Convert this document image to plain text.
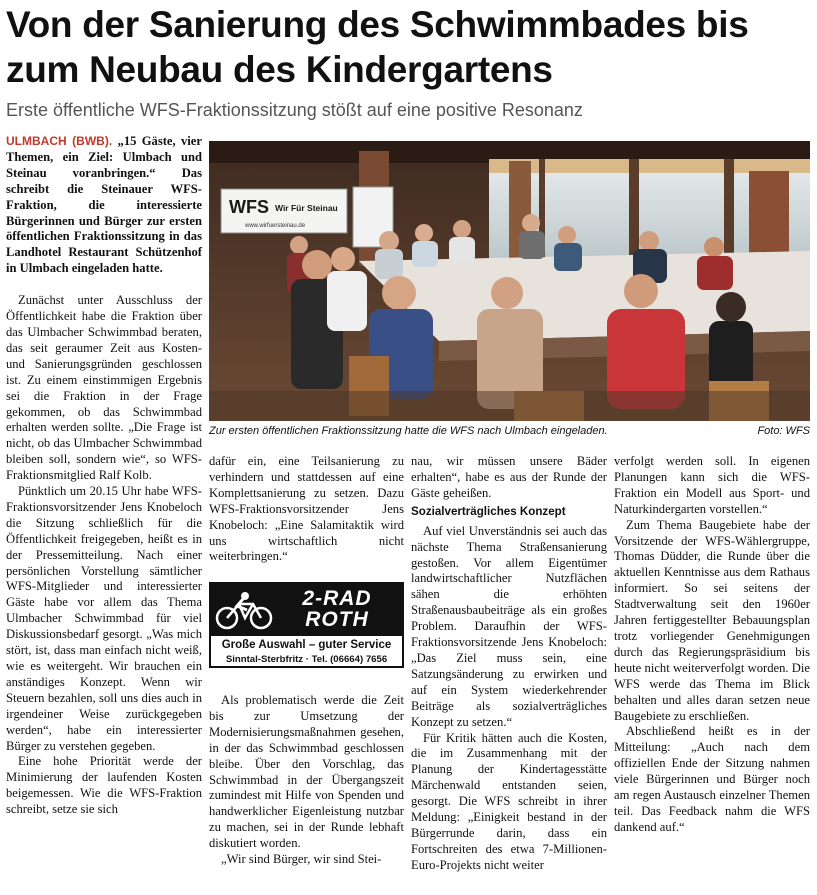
Von der Sanierung des Schwimmbades bis zum Neubau des Kindergartens
Erste öffentliche WFS-Fraktionssitzung stößt auf eine positive Resonanz

ULMBACH (BWB). „15 Gäste, vier Themen, ein Ziel: Ulmbach und Steinau voranbringen.“ Das schreibt die Steinauer WFS-Fraktion, die interessierte Bürgerinnen und Bürger zur ersten öffentlichen Fraktionssitzung in das Landhotel Restaurant Schützenhof in Ulmbach eingeladen hatte.

Zunächst unter Ausschluss der Öffentlichkeit habe die Fraktion über das Ulmbacher Schwimmbad beraten, das seit geraumer Zeit aus Kosten- und Sanierungsgründen geschlossen ist. Zu einem einstimmigen Ergebnis sei die Fraktion in der Frage gekommen, ob das Schwimmbad erhalten werden sollte. „Die Frage ist nicht, ob das Ulmbacher Schwimmbad bleiben soll, sondern wie“, so WFS-Fraktionsmitglied Ralf Kolb.

Pünktlich um 20.15 Uhr habe WFS-Fraktionsvorsitzender Jens Knobeloch die Sitzung schließlich für die Öffentlichkeit freigegeben, heißt es in der Pressemitteilung. Nach einer persönlichen Vorstellung sämtlicher WFS-Mitglieder und interessierter Gäste habe vor allem das Thema Ulmbacher Schwimmbad für viel Diskussionsbedarf gesorgt. „Was mich stört, ist, dass man einfach nicht weiß, wie es weitergeht. Wir brauchen ein anständiges Konzept. Wenn wir Steuern bezahlen, soll uns dies auch in irgendeiner Weise zurückgegeben werden“, habe ein interessierter Bürger zu verstehen gegeben.

Eine hohe Priorität werde der Minimierung der laufenden Kosten beigemessen. Wie die WFS-Fraktion schreibt, setze sie sich

WFS Wir Für Steinau
www.wirfuersteinau.de
Zur ersten öffentlichen Fraktionssitzung hatte die WFS nach Ulmbach eingeladen.	Foto: WFS

dafür ein, eine Teilsanierung zu verhindern und stattdessen auf eine Komplettsanierung zu setzen. Dazu WFS-Fraktionsvorsitzender Jens Knobeloch: „Eine Salamitaktik wird uns wirtschaftlich nicht weiterbringen.“

2-RAD
ROTH
Große Auswahl – guter Service
Sinntal-Sterbfritz · Tel. (06664) 7656

Als problematisch werde die Zeit bis zur Umsetzung der Modernisierungsmaßnahmen gesehen, in der das Schwimmbad geschlossen bleibe. Über den Vorschlag, das Schwimmbad in der Übergangszeit zumindest mit Hilfe von Spenden und handwerklicher Eigenleistung nutzbar zu machen, sei in der Runde lebhaft diskutiert worden.

„Wir sind Bürger, wir sind Stei-

nau, wir müssen unsere Bäder erhalten“, habe es aus der Runde der Gäste geheißen.

Sozialverträgliches Konzept

Auf viel Unverständnis sei auch das nächste Thema Straßensanierung gestoßen. Vor allem Eigentümer landwirtschaftlicher Nutzflächen sähen die erhöhten Straßenausbaubeiträge als ein großes Problem. Daraufhin der WFS-Fraktionsvorsitzende Jens Knobeloch: „Das Ziel muss sein, eine Satzungsänderung zu erwirken und auf ein System wiederkehrender Beiträge als sozialverträgliches Konzept zu setzen.“

Für Kritik hätten auch die Kosten, die im Zusammenhang mit der Planung der Kindertagesstätte Märchenwald entstanden seien, gesorgt. Die WFS schreibt in ihrer Meldung: „Einigkeit bestand in der Bürgerrunde darin, dass ein Fortschreiten des etwa 7-Millionen-Euro-Projekts nicht weiter

verfolgt werden soll. In eigenen Planungen kann sich die WFS-Fraktion ein Modell aus Sport- und Naturkindergarten vorstellen.“

Zum Thema Baugebiete habe der Vorsitzende der WFS-Wählergruppe, Thomas Düdder, die Runde über die aktuellen Kenntnisse aus dem Rathaus informiert. So sei seitens der Stadtverwaltung seit den 1960er Jahren fertiggestellter Bebauungsplan trotz vorliegender Genehmigungen durch das Regierungspräsidium bis heute nicht weiterverfolgt worden. Die WFS werde das Thema im Blick behalten und alles daran setzen neue Baugebiete zu erschließen.

Abschließend heißt es in der Mitteilung: „Auch nach dem offiziellen Ende der Sitzung nahmen viele Bürgerinnen und Bürger noch am regen Austausch einzelner Themen teil. Das Feedback nahm die WFS dankend auf.“
